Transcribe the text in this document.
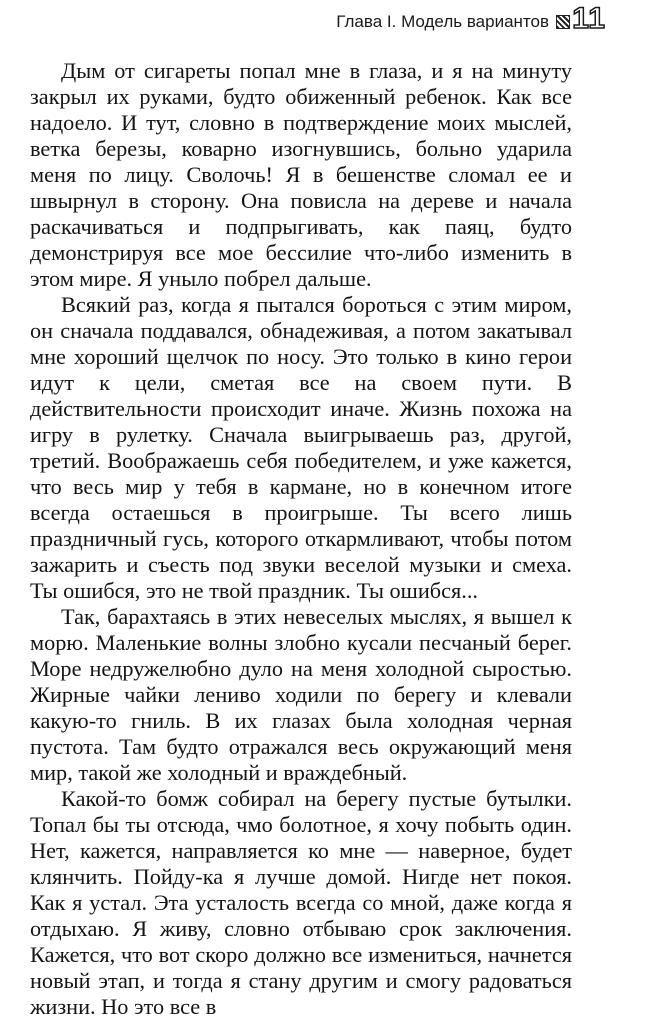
Глава I. Модель вариантов 11

Дым от сигареты попал мне в глаза, и я на минуту закрыл их руками, будто обиженный ребенок. Как все надоело. И тут, словно в подтверждение моих мыслей, ветка березы, коварно изогнувшись, больно ударила меня по лицу. Сволочь! Я в бешенстве сломал ее и швырнул в сторону. Она повисла на дереве и начала раскачиваться и подпрыгивать, как паяц, будто демонстрируя все мое бессилие что-либо изменить в этом мире. Я уныло побрел дальше.

Всякий раз, когда я пытался бороться с этим миром, он сначала поддавался, обнадеживая, а потом закатывал мне хороший щелчок по носу. Это только в кино герои идут к цели, сметая все на своем пути. В действительности происходит иначе. Жизнь похожа на игру в рулетку. Сначала выигрываешь раз, другой, третий. Воображаешь себя победителем, и уже кажется, что весь мир у тебя в кармане, но в конечном итоге всегда остаешься в проигрыше. Ты всего лишь праздничный гусь, которого откармливают, чтобы потом зажарить и съесть под звуки веселой музыки и смеха. Ты ошибся, это не твой праздник. Ты ошибся...

Так, барахтаясь в этих невеселых мыслях, я вышел к морю. Маленькие волны злобно кусали песчаный берег. Море недружелюбно дуло на меня холодной сыростью. Жирные чайки лениво ходили по берегу и клевали какую-то гниль. В их глазах была холодная черная пустота. Там будто отражался весь окружающий меня мир, такой же холодный и враждебный.

Какой-то бомж собирал на берегу пустые бутылки. Топал бы ты отсюда, чмо болотное, я хочу побыть один. Нет, кажется, направляется ко мне — наверное, будет клянчить. Пойду-ка я лучше домой. Нигде нет покоя. Как я устал. Эта усталость всегда со мной, даже когда я отдыхаю. Я живу, словно отбываю срок заключения. Кажется, что вот скоро должно все измениться, начнется новый этап, и тогда я стану другим и смогу радоваться жизни. Но это все в
